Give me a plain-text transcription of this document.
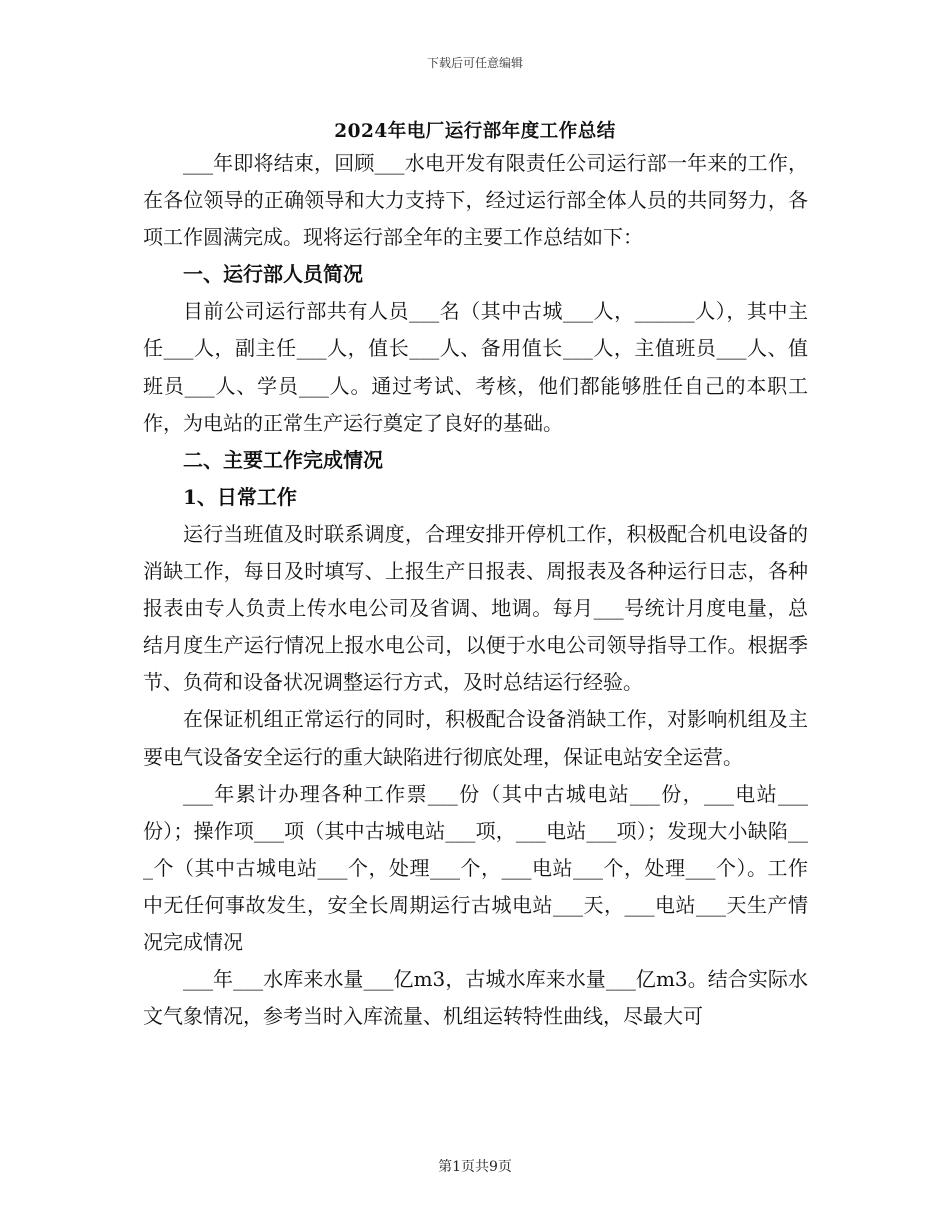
下载后可任意编辑
2024年电厂运行部年度工作总结

___年即将结束，回顾___水电开发有限责任公司运行部一年来的工作，在各位领导的正确领导和大力支持下，经过运行部全体人员的共同努力，各项工作圆满完成。现将运行部全年的主要工作总结如下：

一、运行部人员简况

目前公司运行部共有人员___名（其中古城___人，______人），其中主任___人，副主任___人，值长___人、备用值长___人，主值班员___人、值班员___人、学员___人。通过考试、考核，他们都能够胜任自己的本职工作，为电站的正常生产运行奠定了良好的基础。

二、主要工作完成情况

1、日常工作

运行当班值及时联系调度，合理安排开停机工作，积极配合机电设备的消缺工作，每日及时填写、上报生产日报表、周报表及各种运行日志，各种报表由专人负责上传水电公司及省调、地调。每月___号统计月度电量，总结月度生产运行情况上报水电公司，以便于水电公司领导指导工作。根据季节、负荷和设备状况调整运行方式，及时总结运行经验。

在保证机组正常运行的同时，积极配合设备消缺工作，对影响机组及主要电气设备安全运行的重大缺陷进行彻底处理，保证电站安全运营。

___年累计办理各种工作票___份（其中古城电站___份，___电站___份）；操作项___项（其中古城电站___项，___电站___项）；发现大小缺陷___个（其中古城电站___个，处理___个，___电站___个，处理___个）。工作中无任何事故发生，安全长周期运行古城电站___天，___电站___天生产情况完成情况

___年___水库来水量___亿m3，古城水库来水量___亿m3。结合实际水文气象情况，参考当时入库流量、机组运转特性曲线，尽最大可

第1页共9页
